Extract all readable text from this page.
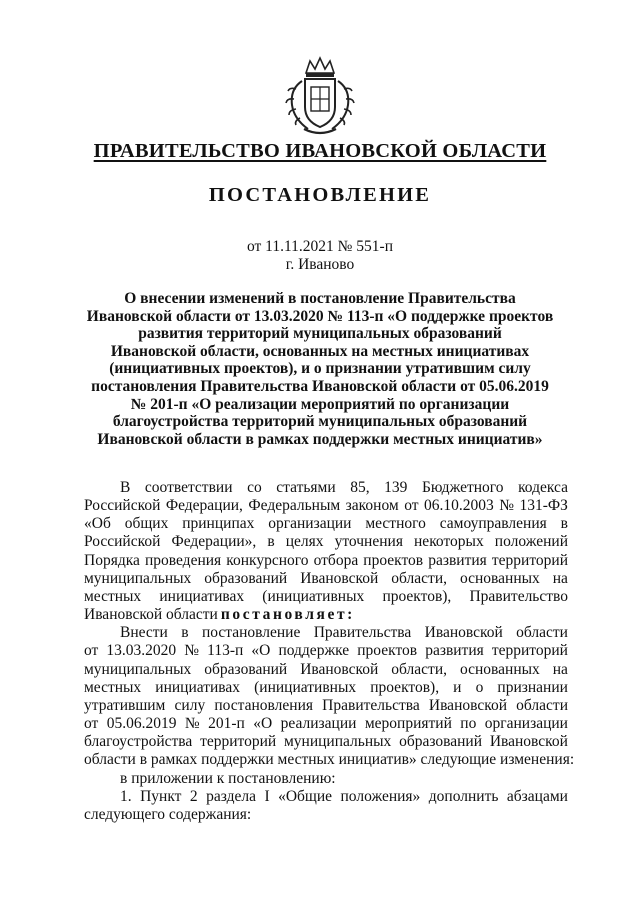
ПРАВИТЕЛЬСТВО ИВАНОВСКОЙ ОБЛАСТИ
ПОСТАНОВЛЕНИЕ
от 11.11.2021 № 551-п
г. Иваново
О внесении изменений в постановление Правительства
Ивановской области от 13.03.2020 № 113-п «О поддержке проектов
развития территорий муниципальных образований
Ивановской области, основанных на местных инициативах
(инициативных проектов), и о признании утратившим силу
постановления Правительства Ивановской области от 05.06.2019
№ 201-п «О реализации мероприятий по организации
благоустройства территорий муниципальных образований
Ивановской области в рамках поддержки местных инициатив»
В соответствии со статьями 85, 139 Бюджетного кодекса
Российской Федерации, Федеральным законом от 06.10.2003 № 131-ФЗ
«Об общих принципах организации местного самоуправления в
Российской Федерации», в целях уточнения некоторых положений
Порядка проведения конкурсного отбора проектов развития территорий
муниципальных образований Ивановской области, основанных на
местных инициативах (инициативных проектов), Правительство
Ивановской области постановляет:
Внести в постановление Правительства Ивановской области
от 13.03.2020 № 113-п «О поддержке проектов развития территорий
муниципальных образований Ивановской области, основанных на
местных инициативах (инициативных проектов), и о признании
утратившим силу постановления Правительства Ивановской области
от 05.06.2019 № 201-п «О реализации мероприятий по организации
благоустройства территорий муниципальных образований Ивановской
области в рамках поддержки местных инициатив» следующие изменения:
в приложении к постановлению:
1. Пункт 2 раздела I «Общие положения» дополнить абзацами
следующего содержания:
